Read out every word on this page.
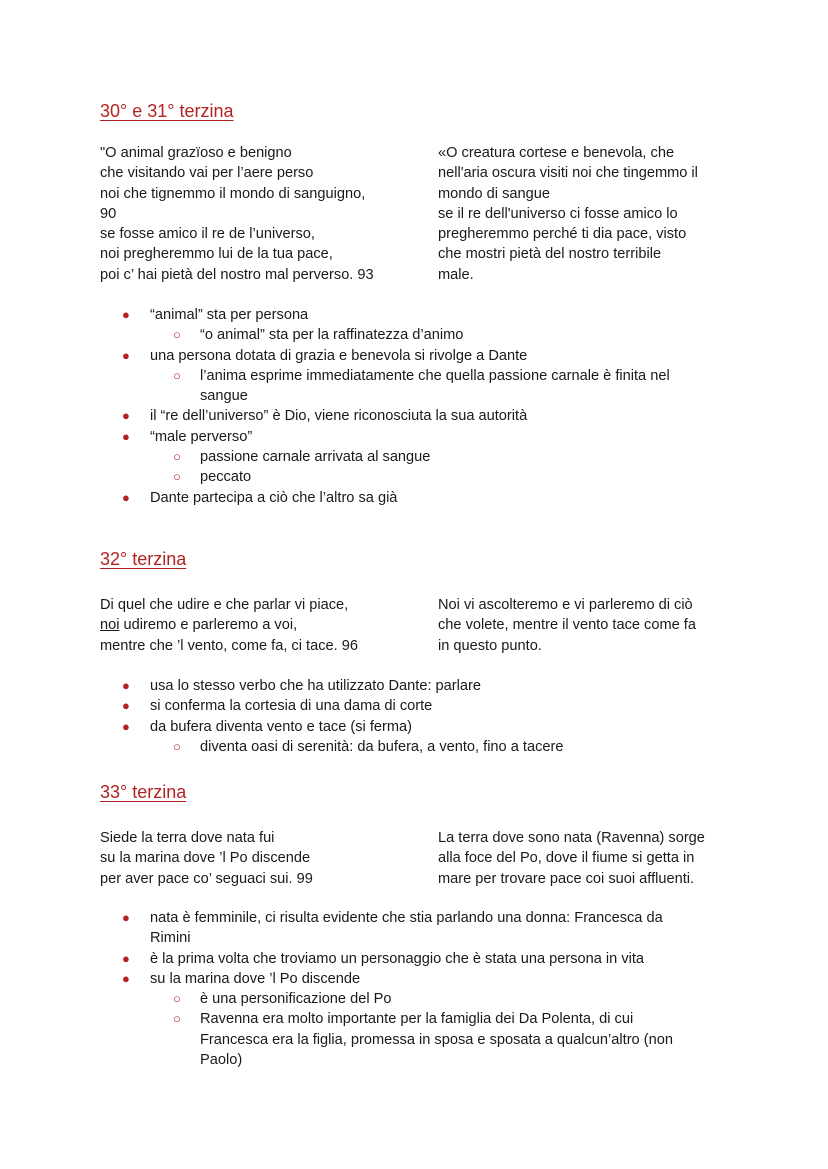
30° e 31° terzina
"O animal grazïoso e benigno
che visitando vai per l’aere perso
noi che tignemmo il mondo di sanguigno,
90
se fosse amico il re de l’universo,
noi pregheremmo lui de la tua pace,
poi c’ hai pietà del nostro mal perverso. 93
«O creatura cortese e benevola, che
nell'aria oscura visiti noi che tingemmo il
mondo di sangue
se il re dell'universo ci fosse amico lo
pregheremmo perché ti dia pace, visto
che mostri pietà del nostro terribile
male.
● “animal” sta per persona
○ “o animal” sta per la raffinatezza d’animo
● una persona dotata di grazia e benevola si rivolge a Dante
○ l’anima esprime immediatamente che quella passione carnale è finita nel sangue
● il “re dell’universo” è Dio, viene riconosciuta la sua autorità
● “male perverso”
○ passione carnale arrivata al sangue
○ peccato
● Dante partecipa a ciò che l’altro sa già
32° terzina
Di quel che udire e che parlar vi piace,
noi udiremo e parleremo a voi,
mentre che ’l vento, come fa, ci tace. 96
Noi vi ascolteremo e vi parleremo di ciò
che volete, mentre il vento tace come fa
in questo punto.
● usa lo stesso verbo che ha utilizzato Dante: parlare
● si conferma la cortesia di una dama di corte
● da bufera diventa vento e tace (si ferma)
○ diventa oasi di serenità: da bufera, a vento, fino a tacere
33° terzina
Siede la terra dove nata fui
su la marina dove ’l Po discende
per aver pace co’ seguaci sui. 99
La terra dove sono nata (Ravenna) sorge
alla foce del Po, dove il fiume si getta in
mare per trovare pace coi suoi affluenti.
● nata è femminile, ci risulta evidente che stia parlando una donna: Francesca da Rimini
● è la prima volta che troviamo un personaggio che è stata una persona in vita
● su la marina dove ’l Po discende
○ è una personificazione del Po
○ Ravenna era molto importante per la famiglia dei Da Polenta, di cui Francesca era la figlia, promessa in sposa e sposata a qualcun’altro (non Paolo)
